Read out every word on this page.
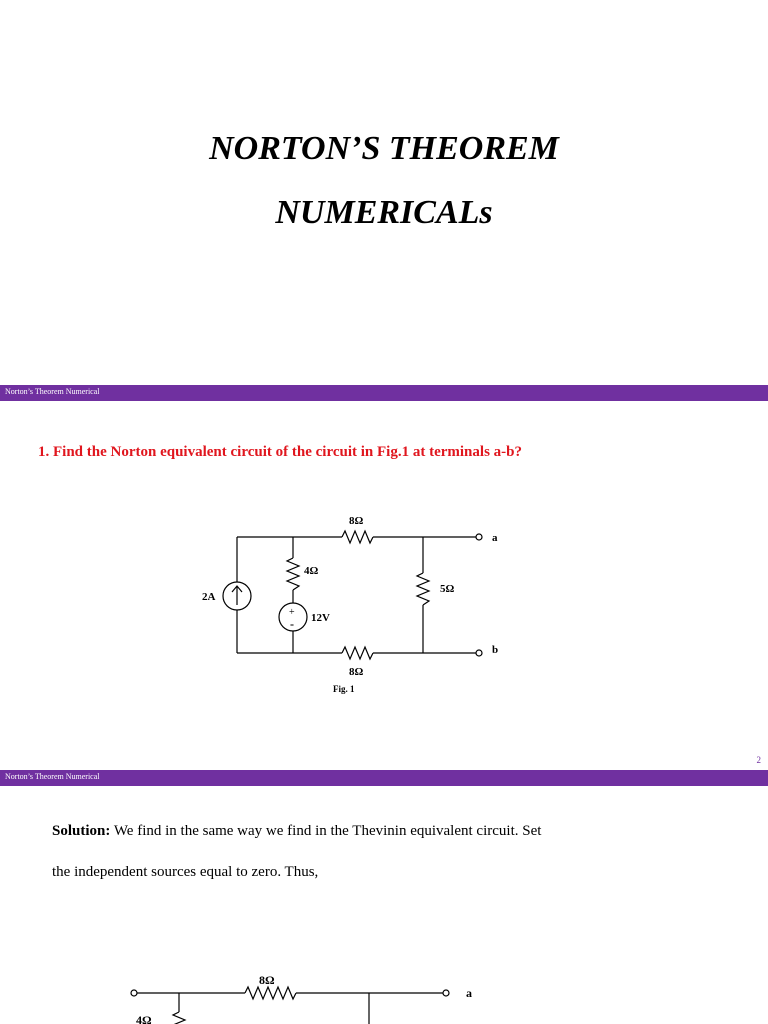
NORTON’S THEOREM
NUMERICALs
Norton’s Theorem Numerical
1. Find the Norton equivalent circuit of the circuit in Fig.1 at terminals a-b?
8Ω
8Ω
4Ω
5Ω
2A
12V
+
-
a
b
Fig. 1
2
Norton’s Theorem Numerical
Solution: We find in the same way we find in the Thevinin equivalent circuit. Set
the independent sources equal to zero. Thus,
8Ω
4Ω
a
